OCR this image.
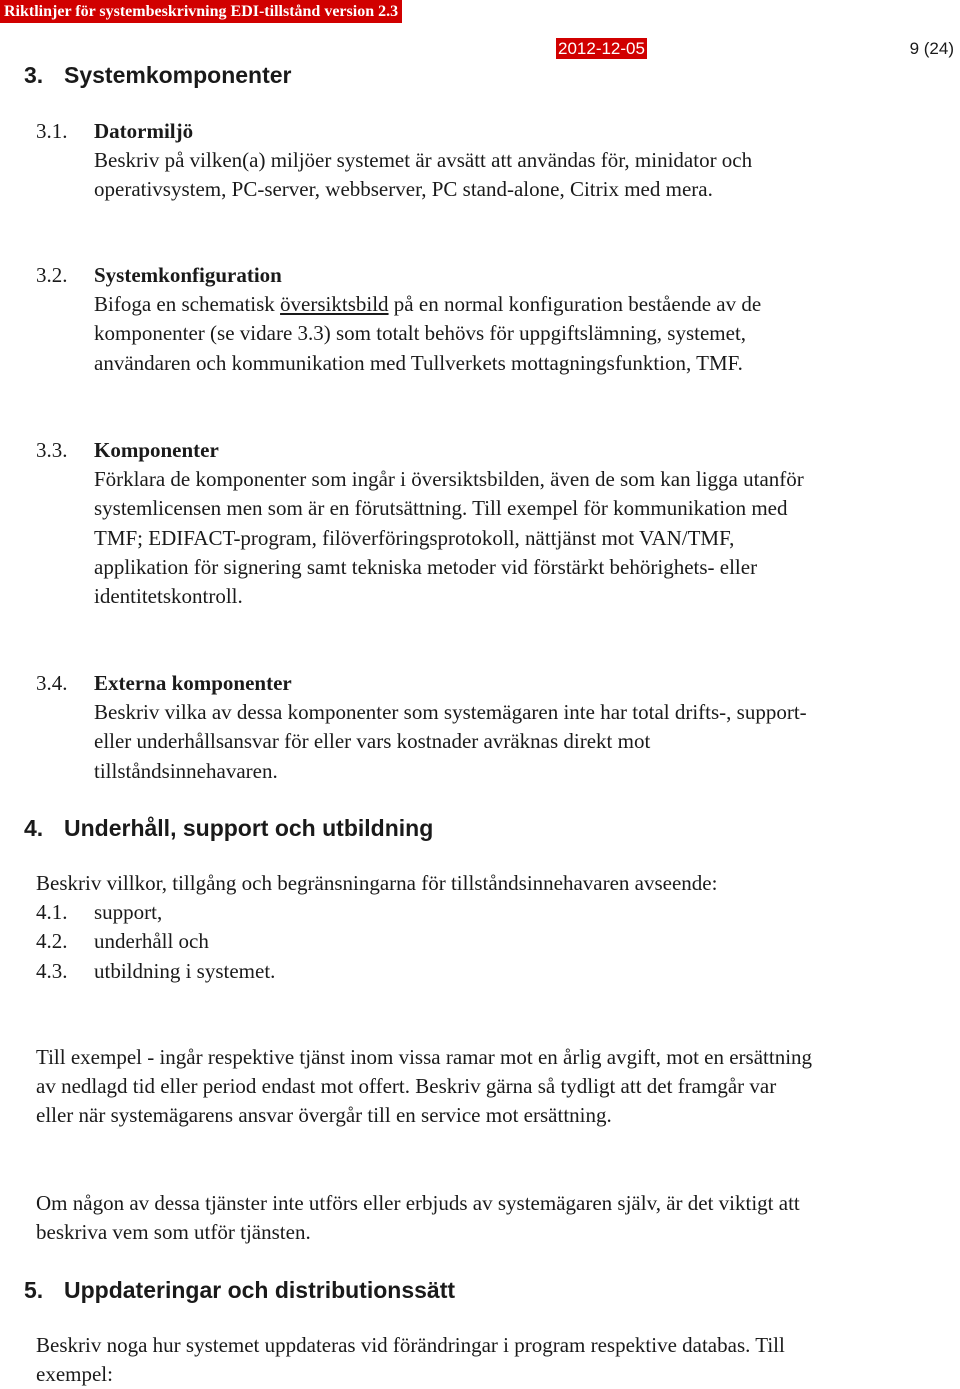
Riktlinjer för systembeskrivning EDI-tillstånd version 2.3
2012-12-05	9 (24)
3. Systemkomponenter
3.1. Datormiljö
Beskriv på vilken(a) miljöer systemet är avsätt att användas för, minidator och operativsystem, PC-server, webbserver, PC stand-alone, Citrix med mera.
3.2. Systemkonfiguration
Bifoga en schematisk översiktsbild på en normal konfiguration bestående av de komponenter (se vidare 3.3) som totalt behövs för uppgiftslämning, systemet, användaren och kommunikation med Tullverkets mottagningsfunktion, TMF.
3.3. Komponenter
Förklara de komponenter som ingår i översiktsbilden, även de som kan ligga utanför systemlicensen men som är en förutsättning. Till exempel för kommunikation med TMF; EDIFACT-program, filöverföringsprotokoll, nättjänst mot VAN/TMF, applikation för signering samt tekniska metoder vid förstärkt behörighets- eller identitetskontroll.
3.4. Externa komponenter
Beskriv vilka av dessa komponenter som systemägaren inte har total drifts-, support- eller underhållsansvar för eller vars kostnader avräknas direkt mot tillståndsinnehavaren.
4. Underhåll, support och utbildning
Beskriv villkor, tillgång och begränsningarna för tillståndsinnehavaren avseende:
4.1. support,
4.2. underhåll och
4.3. utbildning i systemet.
Till exempel - ingår respektive tjänst inom vissa ramar mot en årlig avgift, mot en ersättning av nedlagd tid eller period endast mot offert. Beskriv gärna så tydligt att det framgår var eller när systemägarens ansvar övergår till en service mot ersättning.
Om någon av dessa tjänster inte utförs eller erbjuds av systemägaren själv, är det viktigt att beskriva vem som utför tjänsten.
5. Uppdateringar och distributionssätt
Beskriv noga hur systemet uppdateras vid förändringar i program respektive databas. Till exempel:
